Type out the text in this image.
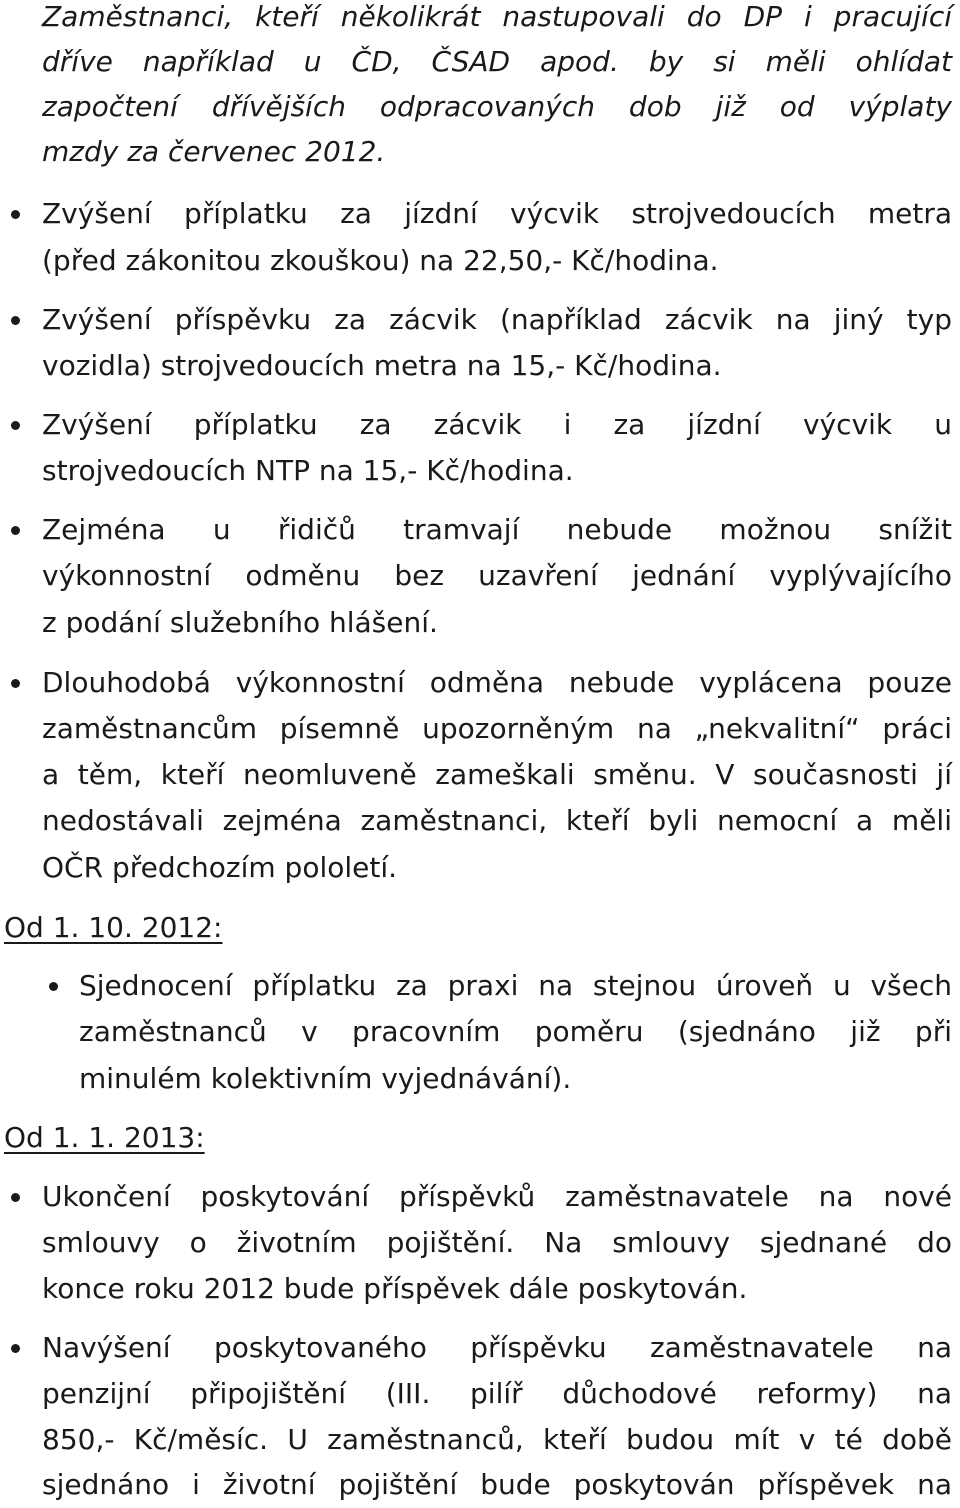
Zaměstnanci, kteří několikrát nastupovali do DP i pracující
dříve například u ČD, ČSAD apod. by si měli ohlídat
započtení dřívějších odpracovaných dob již od výplaty
mzdy za červenec 2012.
Zvýšení příplatku za jízdní výcvik strojvedoucích metra
(před zákonitou zkouškou) na 22,50,- Kč/hodina.
Zvýšení příspěvku za zácvik (například zácvik na jiný typ
vozidla) strojvedoucích metra na 15,- Kč/hodina.
Zvýšení příplatku za zácvik i za jízdní výcvik u
strojvedoucích NTP na 15,- Kč/hodina.
Zejména u řidičů tramvají nebude možnou snížit
výkonnostní odměnu bez uzavření jednání vyplývajícího
z podání služebního hlášení.
Dlouhodobá výkonnostní odměna nebude vyplácena pouze
zaměstnancům písemně upozorněným na „nekvalitní“ práci
a těm, kteří neomluveně zameškali směnu. V současnosti jí
nedostávali zejména zaměstnanci, kteří byli nemocní a měli
OČR předchozím pololetí.
Od 1. 10. 2012:
Sjednocení příplatku za praxi na stejnou úroveň u všech
zaměstnanců v pracovním poměru (sjednáno již při
minulém kolektivním vyjednávání).
Od 1. 1. 2013:
Ukončení poskytování příspěvků zaměstnavatele na nové
smlouvy o životním pojištění. Na smlouvy sjednané do
konce roku 2012 bude příspěvek dále poskytován.
Navýšení poskytovaného příspěvku zaměstnavatele na
penzijní připojištění (III. pilíř důchodové reformy) na
850,- Kč/měsíc. U zaměstnanců, kteří budou mít v té době
sjednáno i životní pojištění bude poskytován příspěvek na
